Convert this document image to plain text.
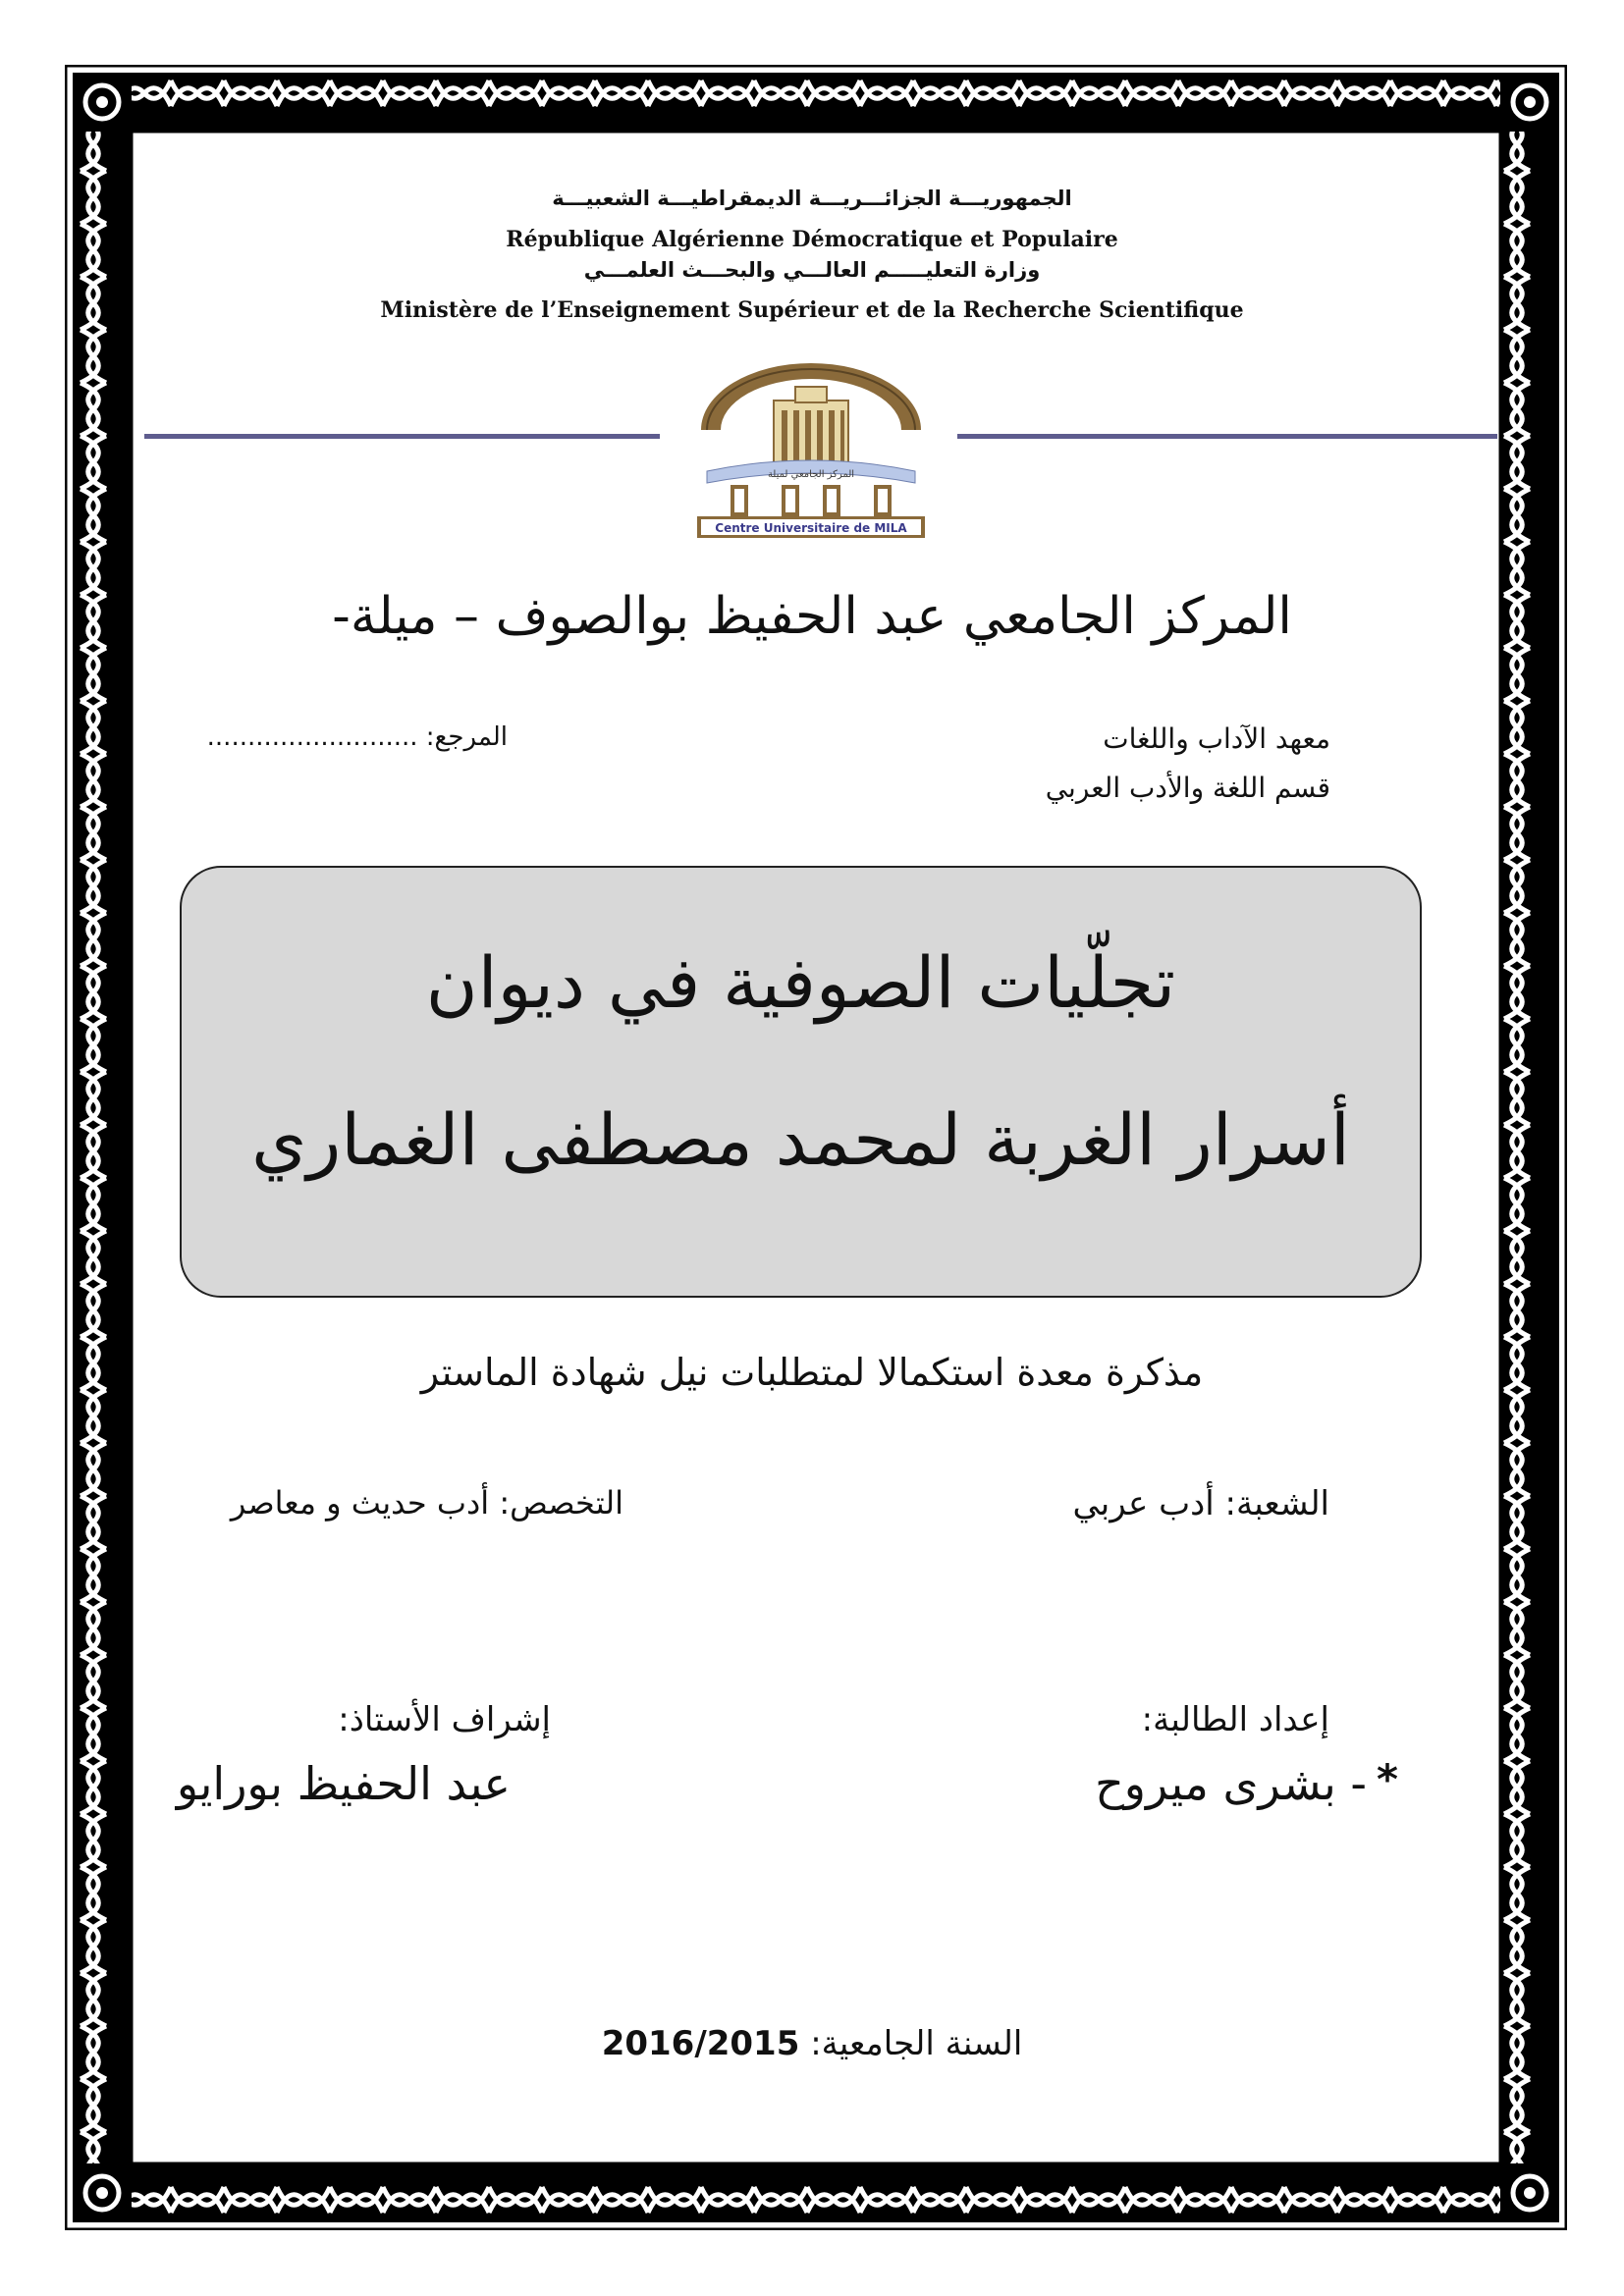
الجمهوريـــة الجزائـــريـــة الديمقراطيـــة الشعبيـــة
République Algérienne Démocratique et Populaire
وزارة التعليـــــم العالـــي والبحـــث العلمـــي
Ministère de l’Enseignement Supérieur et de la Recherche Scientifique
المركز الجامعي لميلة
Centre Universitaire de MILA
المركز الجامعي عبد الحفيظ بوالصوف – ميلة-
معهد الآداب واللغات
قسم اللغة والأدب العربي
المرجع: ..........................
تجلّيات الصوفية في ديوان
أسرار الغربة لمحمد مصطفى الغماري
مذكرة معدة استكمالا لمتطلبات نيل شهادة الماستر
الشعبة: أدب عربي
التخصص: أدب حديث و معاصر
إعداد الطالبة:
إشراف الأستاذ:
*
- بشرى ميروح
عبد الحفيظ بورايو
السنة الجامعية: 2016/2015
